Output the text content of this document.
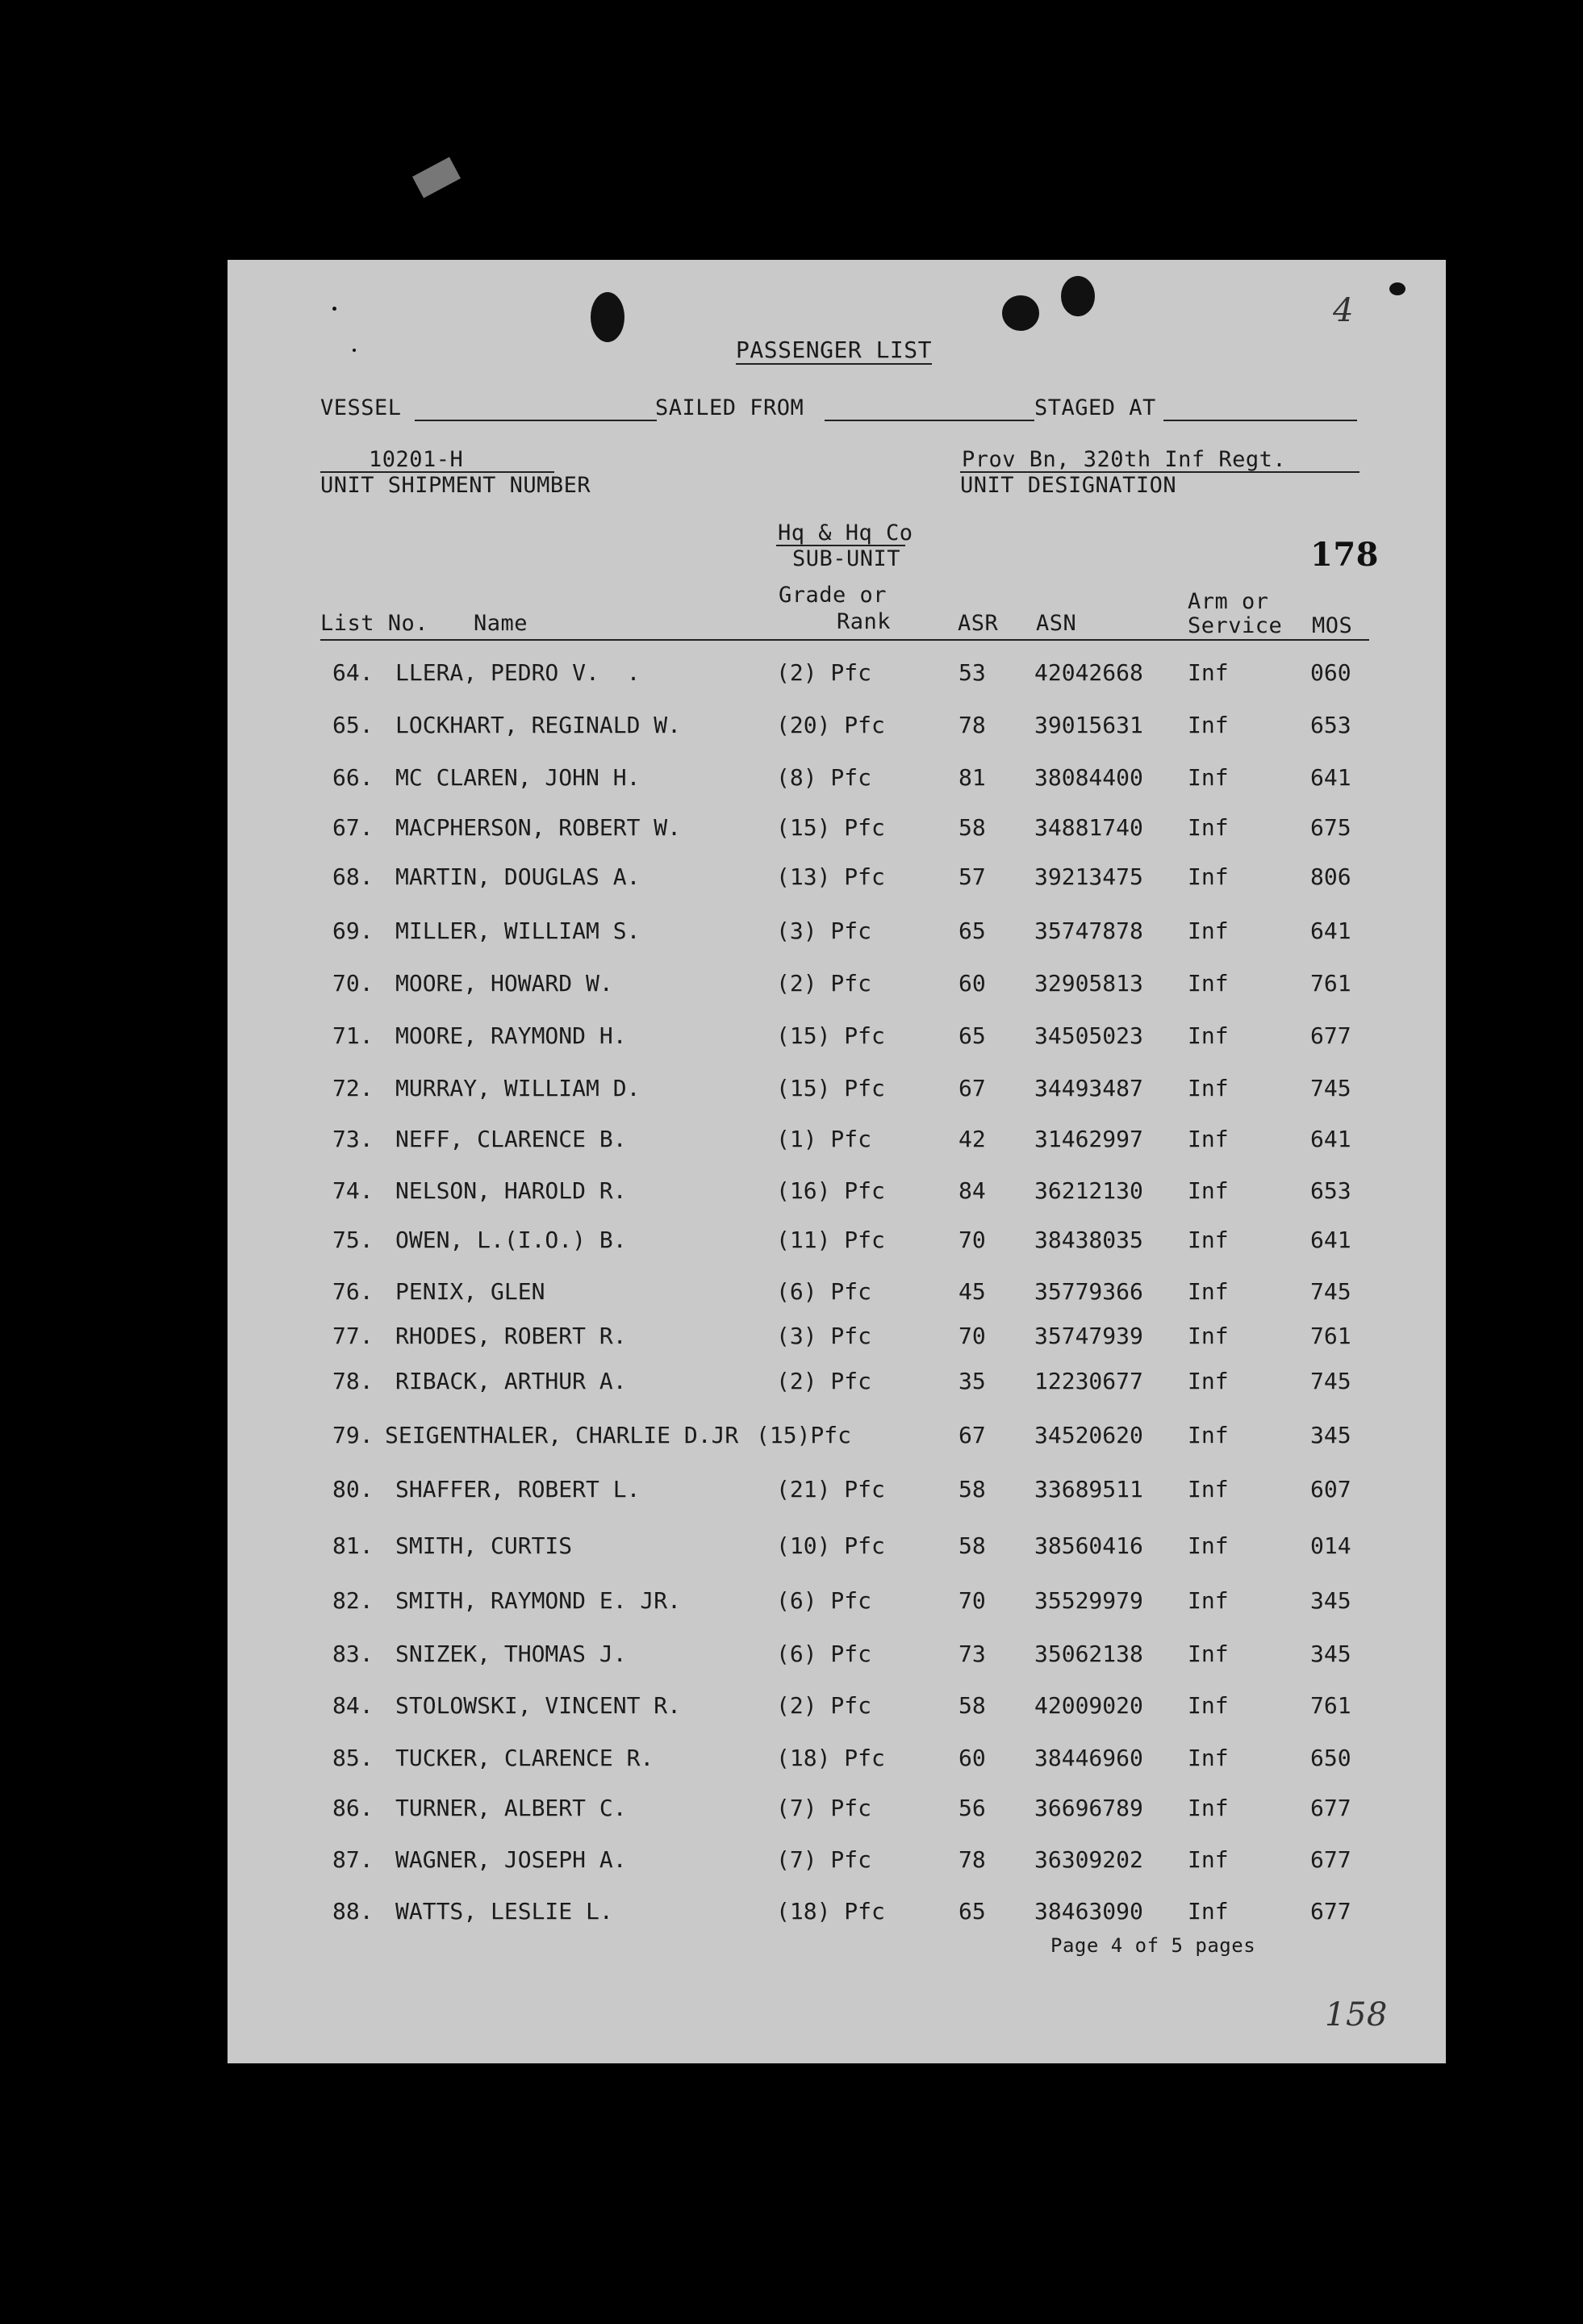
4
PASSENGER LIST
VESSEL	SAILED FROM	STAGED AT
10201-H
UNIT SHIPMENT NUMBER
Prov Bn, 320th Inf Regt.
UNIT DESIGNATION
Hq & Hq Co
SUB-UNIT	178
Grade or	Arm or
List No. Name	Rank	ASR ASN	Service MOS
64. LLERA, PEDRO V.  .	(2) Pfc	53 42042668 Inf	060
65. LOCKHART, REGINALD W.	(20) Pfc	78 39015631 Inf	653
66. MC CLAREN, JOHN H.	(8) Pfc	81 38084400 Inf	641
67. MACPHERSON, ROBERT W.	(15) Pfc	58 34881740 Inf	675
68. MARTIN, DOUGLAS A.	(13) Pfc	57 39213475 Inf	806
69. MILLER, WILLIAM S.	(3) Pfc	65 35747878 Inf	641
70. MOORE, HOWARD W.	(2) Pfc	60 32905813 Inf	761
71. MOORE, RAYMOND H.	(15) Pfc	65 34505023 Inf	677
72. MURRAY, WILLIAM D.	(15) Pfc	67 34493487 Inf	745
73. NEFF, CLARENCE B.	(1) Pfc	42 31462997 Inf	641
74. NELSON, HAROLD R.	(16) Pfc	84 36212130 Inf	653
75. OWEN, L.(I.O.) B.	(11) Pfc	70 38438035 Inf	641
76. PENIX, GLEN	(6) Pfc	45 35779366 Inf	745
77. RHODES, ROBERT R.	(3) Pfc	70 35747939 Inf	761
78. RIBACK, ARTHUR A.	(2) Pfc	35 12230677 Inf	745
79. SEIGENTHALER, CHARLIE D.JR (15)Pfc	67 34520620 Inf	345
80. SHAFFER, ROBERT L.	(21) Pfc	58 33689511 Inf	607
81. SMITH, CURTIS	(10) Pfc	58 38560416 Inf	014
82. SMITH, RAYMOND E. JR.	(6) Pfc	70 35529979 Inf	345
83. SNIZEK, THOMAS J.	(6) Pfc	73 35062138 Inf	345
84. STOLOWSKI, VINCENT R.	(2) Pfc	58 42009020 Inf	761
85. TUCKER, CLARENCE R.	(18) Pfc	60 38446960 Inf	650
86. TURNER, ALBERT C.	(7) Pfc	56 36696789 Inf	677
87. WAGNER, JOSEPH A.	(7) Pfc	78 36309202 Inf	677
88. WATTS, LESLIE L.	(18) Pfc	65 38463090 Inf	677
Page 4 of 5 pages
158
